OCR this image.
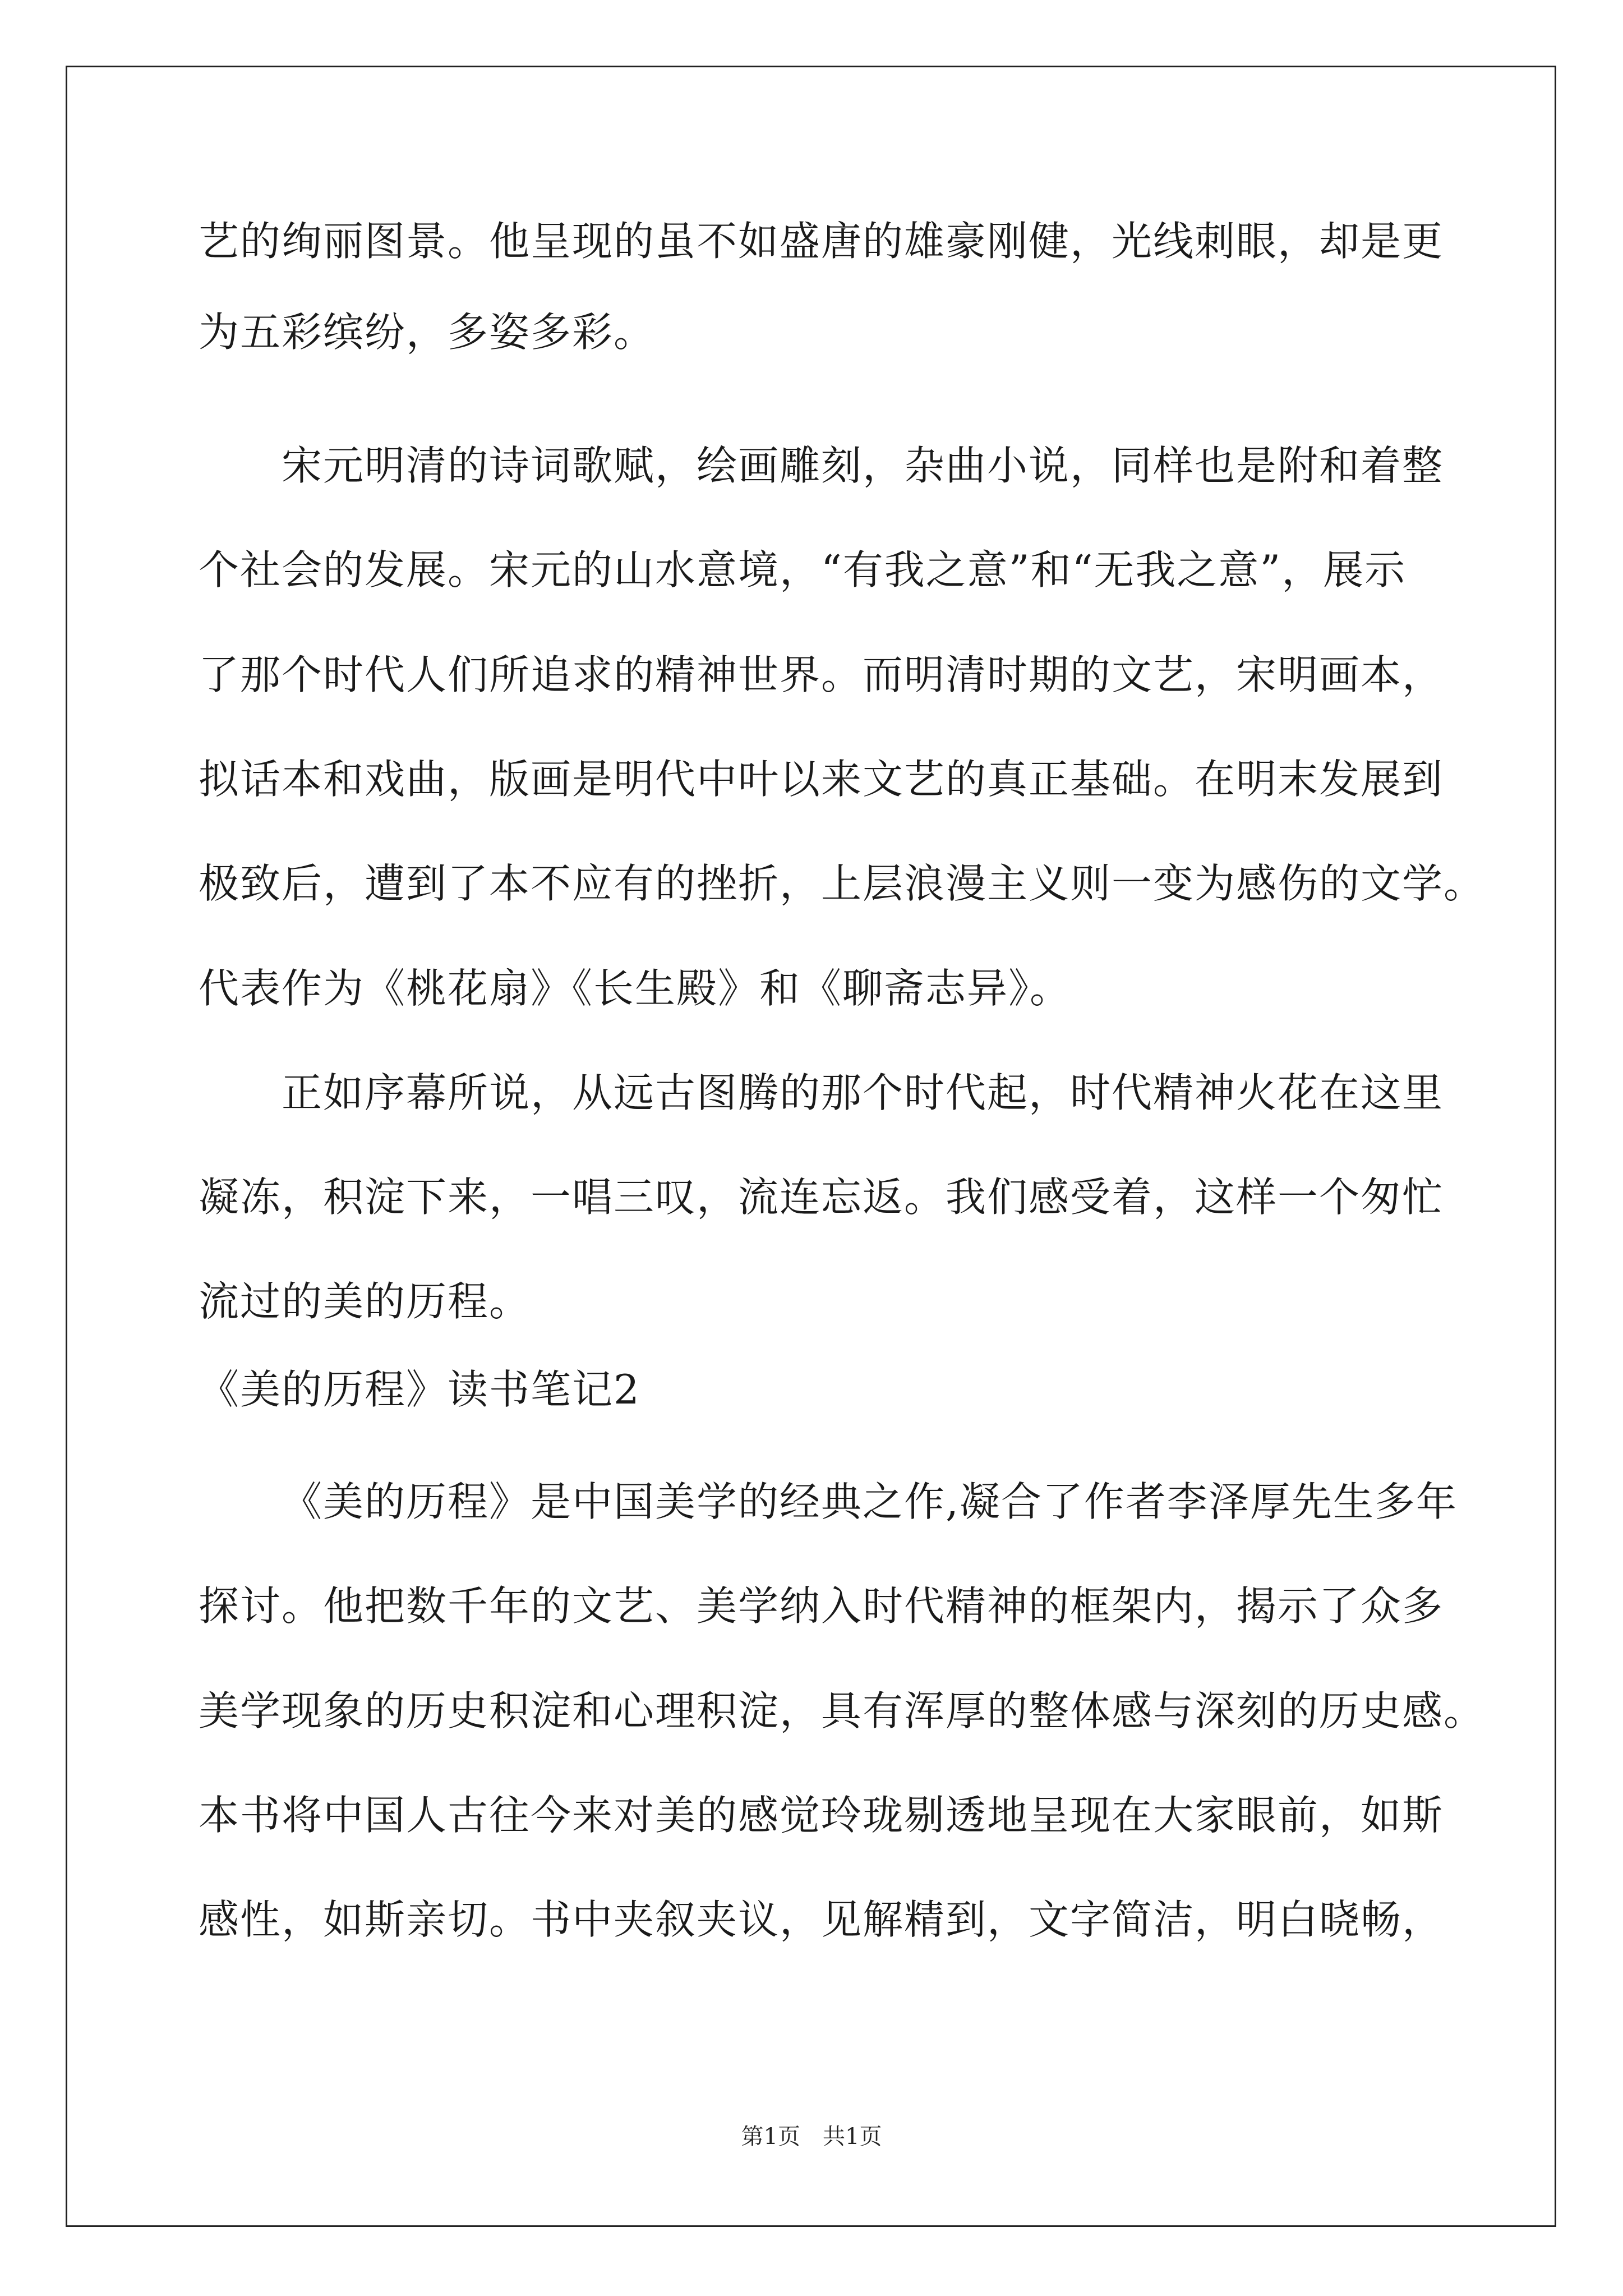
艺的绚丽图景。他呈现的虽不如盛唐的雄豪刚健，光线刺眼，却是更
为五彩缤纷，多姿多彩。
宋元明清的诗词歌赋，绘画雕刻，杂曲小说，同样也是附和着整
个社会的发展。宋元的山水意境，“有我之意”和“无我之意”，展示
了那个时代人们所追求的精神世界。而明清时期的文艺，宋明画本，
拟话本和戏曲，版画是明代中叶以来文艺的真正基础。在明末发展到
极致后，遭到了本不应有的挫折，上层浪漫主义则一变为感伤的文学。
代表作为《桃花扇》《长生殿》和《聊斋志异》。
正如序幕所说，从远古图腾的那个时代起，时代精神火花在这里
凝冻，积淀下来，一唱三叹，流连忘返。我们感受着，这样一个匆忙
流过的美的历程。
《美的历程》读书笔记2
《美的历程》是中国美学的经典之作,凝合了作者李泽厚先生多年
探讨。他把数千年的文艺、美学纳入时代精神的框架内，揭示了众多
美学现象的历史积淀和心理积淀，具有浑厚的整体感与深刻的历史感。
本书将中国人古往今来对美的感觉玲珑剔透地呈现在大家眼前，如斯
感性，如斯亲切。书中夹叙夹议，见解精到，文字简洁，明白晓畅，
第1页　共1页
